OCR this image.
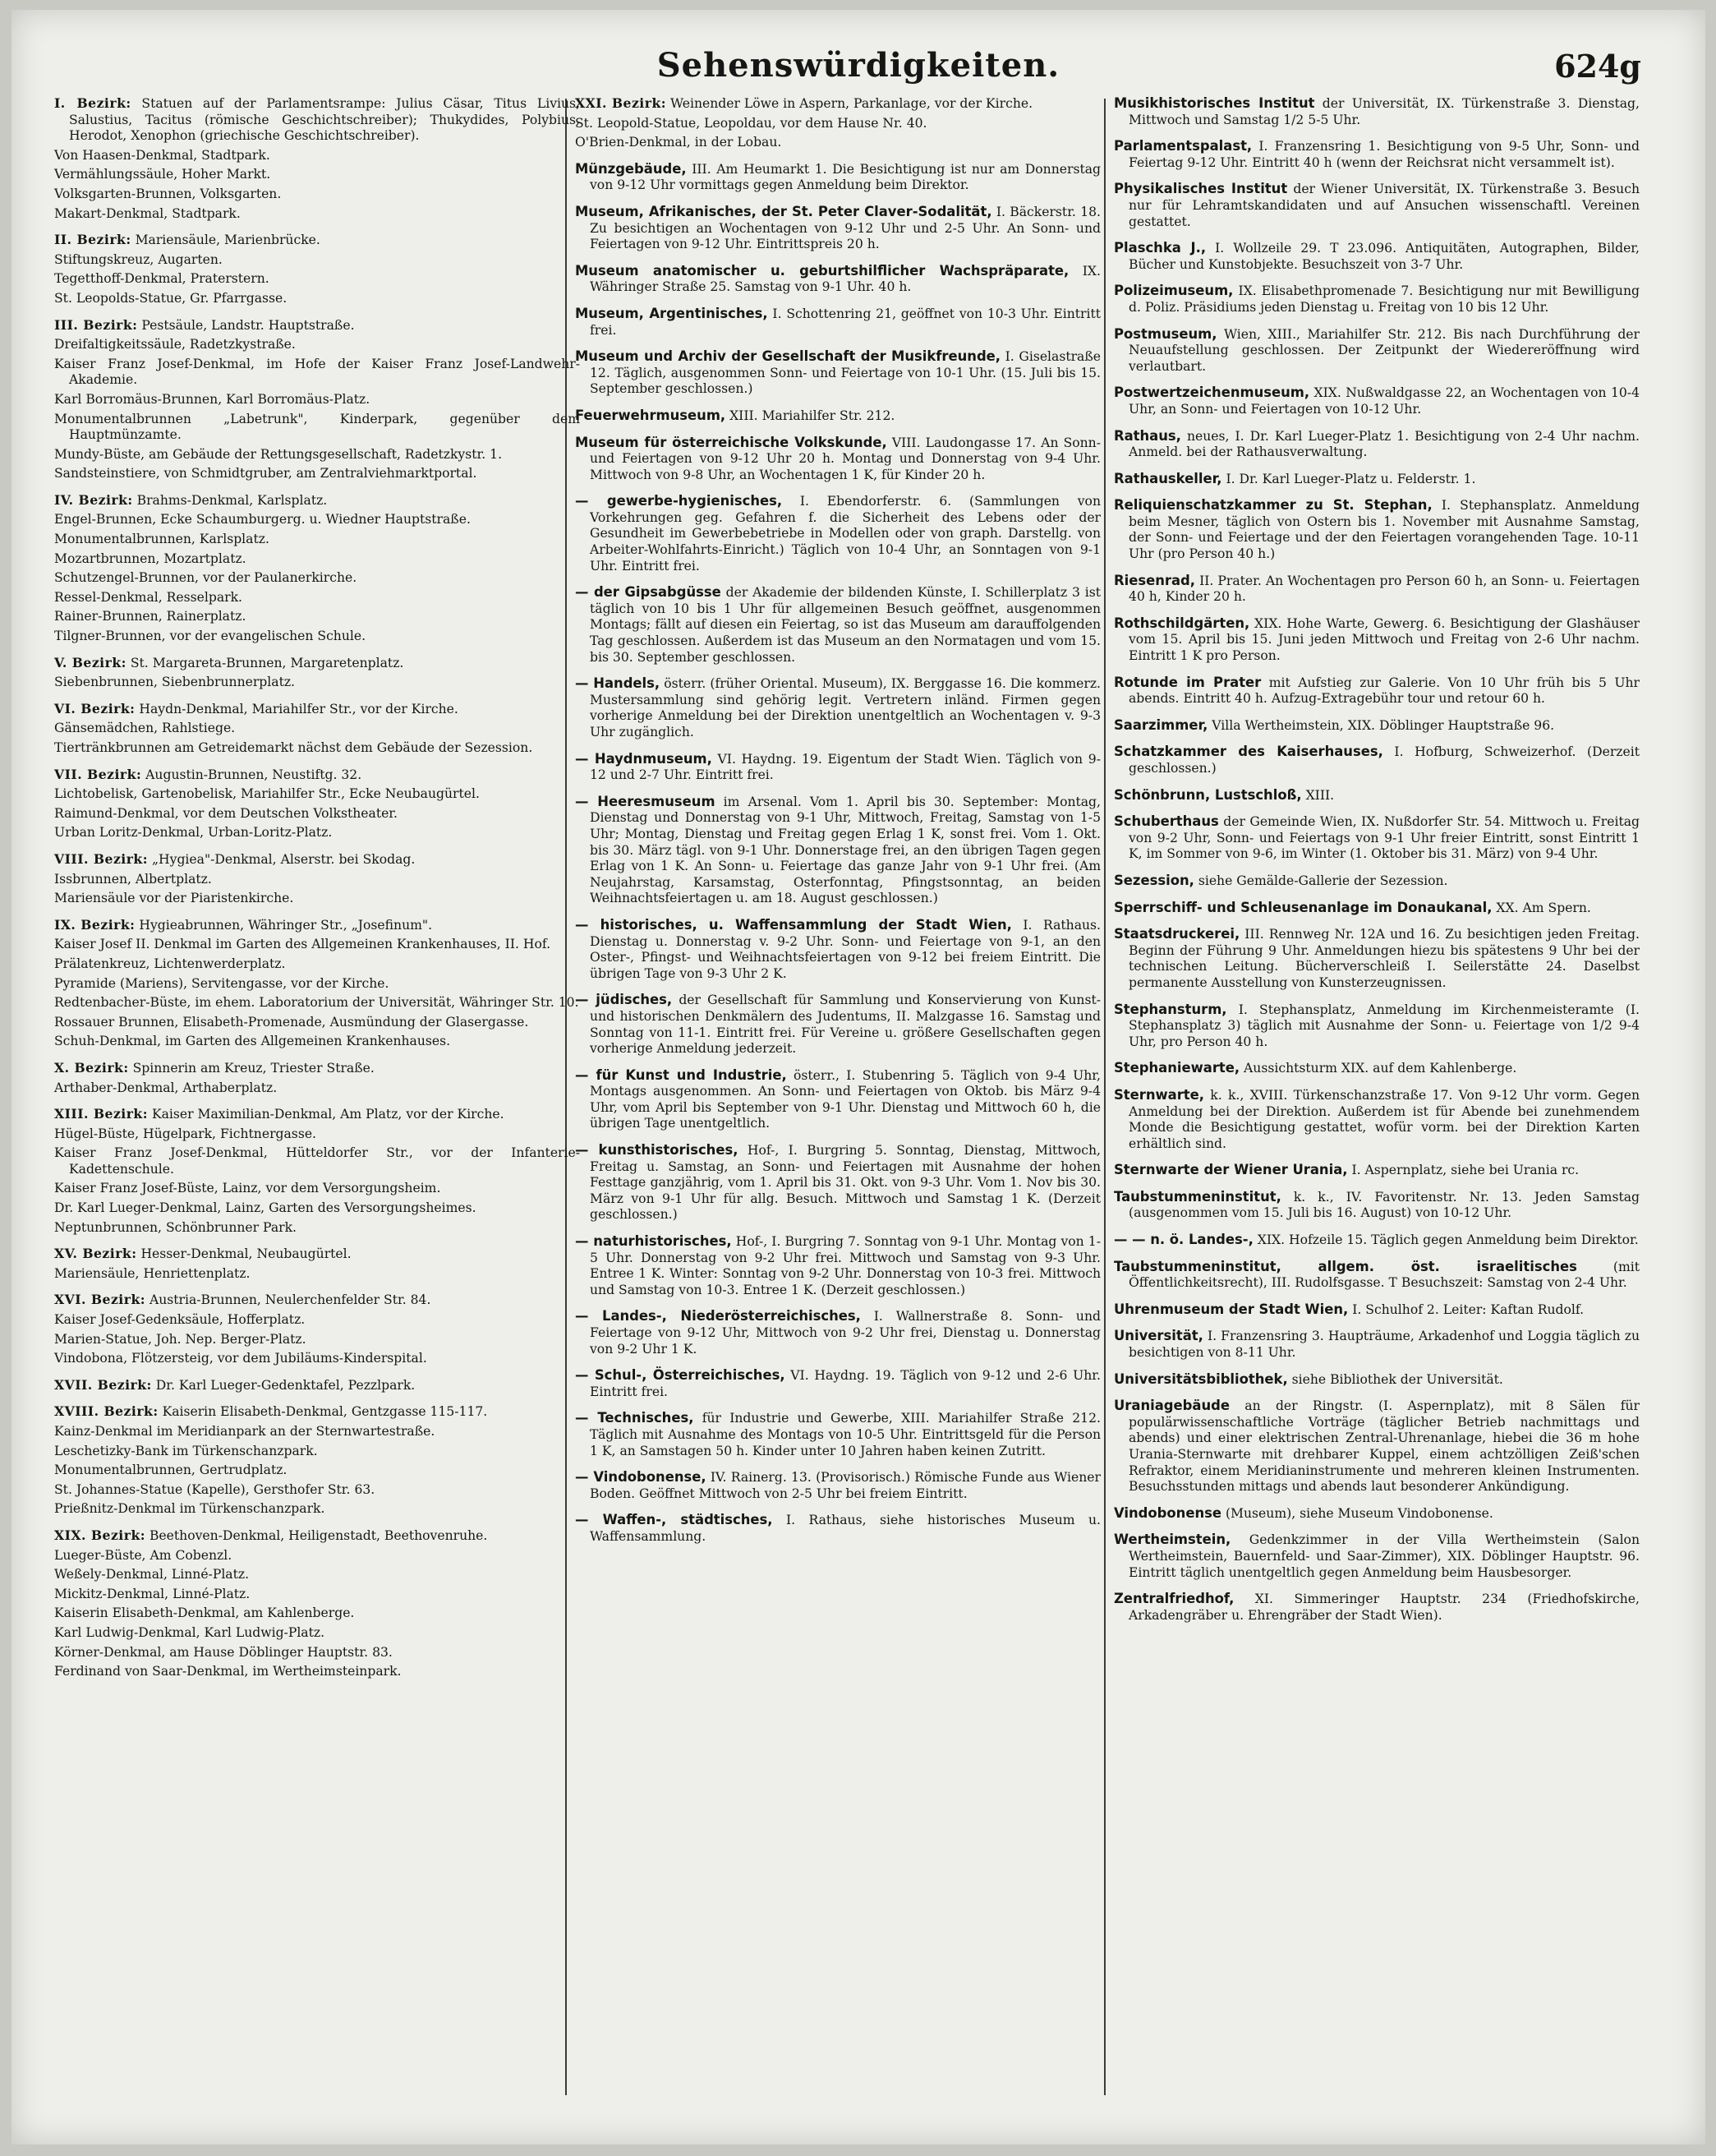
Sehenswürdigkeiten.	624g
I. Bezirk: Statuen auf der Parlamentsrampe: Julius Cäsar, Titus Livius, Salustius, Tacitus (römische Geschichtschreiber); Thukydides, Polybius, Herodot, Xenophon (griechische Geschichtschreiber).
Von Haasen-Denkmal, Stadtpark.
Vermählungssäule, Hoher Markt.
Volksgarten-Brunnen, Volksgarten.
Makart-Denkmal, Stadtpark.
II. Bezirk: Mariensäule, Marienbrücke.
Stiftungskreuz, Augarten.
Tegetthoff-Denkmal, Praterstern.
St. Leopolds-Statue, Gr. Pfarrgasse.
III. Bezirk: Pestsäule, Landstr. Hauptstraße.
Dreifaltigkeitssäule, Radetzkystraße.
Kaiser Franz Josef-Denkmal, im Hofe der Kaiser Franz Josef-Landwehr-Akademie.
Karl Borromäus-Brunnen, Karl Borromäus-Platz.
Monumentalbrunnen „Labetrunk", Kinderpark, gegenüber dem Hauptmünzamte.
Mundy-Büste, am Gebäude der Rettungsgesellschaft, Radetzkystr. 1.
Sandsteinstiere, von Schmidtgruber, am Zentralviehmarktportal.
IV. Bezirk: Brahms-Denkmal, Karlsplatz.
Engel-Brunnen, Ecke Schaumburgerg. u. Wiedner Hauptstraße.
Monumentalbrunnen, Karlsplatz.
Mozartbrunnen, Mozartplatz.
Schutzengel-Brunnen, vor der Paulanerkirche.
Ressel-Denkmal, Resselpark.
Rainer-Brunnen, Rainerplatz.
Tilgner-Brunnen, vor der evangelischen Schule.
V. Bezirk: St. Margareta-Brunnen, Margaretenplatz.
Siebenbrunnen, Siebenbrunnerplatz.
VI. Bezirk: Haydn-Denkmal, Mariahilfer Str., vor der Kirche.
Gänsemädchen, Rahlstiege.
Tiertränkbrunnen am Getreidemarkt nächst dem Gebäude der Sezession.
VII. Bezirk: Augustin-Brunnen, Neustiftg. 32.
Lichtobelisk, Gartenobelisk, Mariahilfer Str., Ecke Neubaugürtel.
Raimund-Denkmal, vor dem Deutschen Volkstheater.
Urban Loritz-Denkmal, Urban-Loritz-Platz.
VIII. Bezirk: „Hygiea"-Denkmal, Alserstr. bei Skodag.
Issbrunnen, Albertplatz.
Mariensäule vor der Piaristenkirche.
IX. Bezirk: Hygieabrunnen, Währinger Str., „Josefinum".
Kaiser Josef II. Denkmal im Garten des Allgemeinen Krankenhauses, II. Hof.
Prälatenkreuz, Lichtenwerderplatz.
Pyramide (Mariens), Servitengasse, vor der Kirche.
Redtenbacher-Büste, im ehem. Laboratorium der Universität, Währinger Str. 10.
Rossauer Brunnen, Elisabeth-Promenade, Ausmündung der Glasergasse.
Schuh-Denkmal, im Garten des Allgemeinen Krankenhauses.
X. Bezirk: Spinnerin am Kreuz, Triester Straße.
Arthaber-Denkmal, Arthaberplatz.
XIII. Bezirk: Kaiser Maximilian-Denkmal, Am Platz, vor der Kirche.
Hügel-Büste, Hügelpark, Fichtnergasse.
Kaiser Franz Josef-Denkmal, Hütteldorfer Str., vor der Infanterie-Kadettenschule.
Kaiser Franz Josef-Büste, Lainz, vor dem Versorgungsheim.
Dr. Karl Lueger-Denkmal, Lainz, Garten des Versorgungsheimes.
Neptunbrunnen, Schönbrunner Park.
XV. Bezirk: Hesser-Denkmal, Neubaugürtel.
Mariensäule, Henriettenplatz.
XVI. Bezirk: Austria-Brunnen, Neulerchenfelder Str. 84.
Kaiser Josef-Gedenksäule, Hofferplatz.
Marien-Statue, Joh. Nep. Berger-Platz.
Vindobona, Flötzersteig, vor dem Jubiläums-Kinderspital.
XVII. Bezirk: Dr. Karl Lueger-Gedenktafel, Pezzlpark.
XVIII. Bezirk: Kaiserin Elisabeth-Denkmal, Gentzgasse 115-117.
Kainz-Denkmal im Meridianpark an der Sternwartestraße.
Leschetizky-Bank im Türkenschanzpark.
Monumentalbrunnen, Gertrudplatz.
St. Johannes-Statue (Kapelle), Gersthofer Str. 63.
Prießnitz-Denkmal im Türkenschanzpark.
XIX. Bezirk: Beethoven-Denkmal, Heiligenstadt, Beethovenruhe.
Lueger-Büste, Am Cobenzl.
Weßely-Denkmal, Linné-Platz.
Mickitz-Denkmal, Linné-Platz.
Kaiserin Elisabeth-Denkmal, am Kahlenberge.
Karl Ludwig-Denkmal, Karl Ludwig-Platz.
Körner-Denkmal, am Hause Döblinger Hauptstr. 83.
Ferdinand von Saar-Denkmal, im Wertheimsteinpark.
XXI. Bezirk: Weinender Löwe in Aspern, Parkanlage, vor der Kirche.
St. Leopold-Statue, Leopoldau, vor dem Hause Nr. 40.
O'Brien-Denkmal, in der Lobau.
Münzgebäude, III. Am Heumarkt 1. Die Besichtigung ist nur am Donnerstag von 9-12 Uhr vormittags gegen Anmeldung beim Direktor.
Museum, Afrikanisches, der St. Peter Claver-Sodalität, I. Bäckerstr. 18. Zu besichtigen an Wochentagen von 9-12 Uhr und 2-5 Uhr. An Sonn- und Feiertagen von 9-12 Uhr. Eintrittspreis 20 h.
Museum anatomischer u. geburtshilflicher Wachspräparate, IX. Währinger Straße 25. Samstag von 9-1 Uhr. 40 h.
Museum, Argentinisches, I. Schottenring 21, geöffnet von 10-3 Uhr. Eintritt frei.
Museum und Archiv der Gesellschaft der Musikfreunde, I. Giselastraße 12. Täglich, ausgenommen Sonn- und Feiertage von 10-1 Uhr. (15. Juli bis 15. September geschlossen.)
Feuerwehrmuseum, XIII. Mariahilfer Str. 212.
Museum für österreichische Volkskunde, VIII. Laudongasse 17. An Sonn- und Feiertagen von 9-12 Uhr 20 h. Montag und Donnerstag von 9-4 Uhr. Mittwoch von 9-8 Uhr, an Wochentagen 1 K, für Kinder 20 h.
— gewerbe-hygienisches, I. Ebendorferstr. 6. (Sammlungen von Vorkehrungen geg. Gefahren f. die Sicherheit des Lebens oder der Gesundheit im Gewerbebetriebe in Modellen oder von graph. Darstellg. von Arbeiter-Wohlfahrts-Einricht.) Täglich von 10-4 Uhr, an Sonntagen von 9-1 Uhr. Eintritt frei.
— der Gipsabgüsse der Akademie der bildenden Künste, I. Schillerplatz 3 ist täglich von 10 bis 1 Uhr für allgemeinen Besuch geöffnet, ausgenommen Montags; fällt auf diesen ein Feiertag, so ist das Museum am darauffolgenden Tag geschlossen. Außerdem ist das Museum an den Normatagen und vom 15. bis 30. September geschlossen.
— Handels, österr. (früher Oriental. Museum), IX. Berggasse 16. Die kommerz. Mustersammlung sind gehörig legit. Vertretern inländ. Firmen gegen vorherige Anmeldung bei der Direktion unentgeltlich an Wochentagen v. 9-3 Uhr zugänglich.
— Haydnmuseum, VI. Haydng. 19. Eigentum der Stadt Wien. Täglich von 9-12 und 2-7 Uhr. Eintritt frei.
— Heeresmuseum im Arsenal. Vom 1. April bis 30. September: Montag, Dienstag und Donnerstag von 9-1 Uhr, Mittwoch, Freitag, Samstag von 1-5 Uhr; Montag, Dienstag und Freitag gegen Erlag 1 K, sonst frei. Vom 1. Okt. bis 30. März tägl. von 9-1 Uhr. Donnerstage frei, an den übrigen Tagen gegen Erlag von 1 K. An Sonn- u. Feiertage das ganze Jahr von 9-1 Uhr frei. (Am Neujahrstag, Karsamstag, Osterfonntag, Pfingstsonntag, an beiden Weihnachtsfeiertagen u. am 18. August geschlossen.)
— historisches, u. Waffensammlung der Stadt Wien, I. Rathaus. Dienstag u. Donnerstag v. 9-2 Uhr. Sonn- und Feiertage von 9-1, an den Oster-, Pfingst- und Weihnachtsfeiertagen von 9-12 bei freiem Eintritt. Die übrigen Tage von 9-3 Uhr 2 K.
— jüdisches, der Gesellschaft für Sammlung und Konservierung von Kunst- und historischen Denkmälern des Judentums, II. Malzgasse 16. Samstag und Sonntag von 11-1. Eintritt frei. Für Vereine u. größere Gesellschaften gegen vorherige Anmeldung jederzeit.
— für Kunst und Industrie, österr., I. Stubenring 5. Täglich von 9-4 Uhr, Montags ausgenommen. An Sonn- und Feiertagen von Oktob. bis März 9-4 Uhr, vom April bis September von 9-1 Uhr. Dienstag und Mittwoch 60 h, die übrigen Tage unentgeltlich.
— kunsthistorisches, Hof-, I. Burgring 5. Sonntag, Dienstag, Mittwoch, Freitag u. Samstag, an Sonn- und Feiertagen mit Ausnahme der hohen Festtage ganzjährig, vom 1. April bis 31. Okt. von 9-3 Uhr. Vom 1. Nov bis 30. März von 9-1 Uhr für allg. Besuch. Mittwoch und Samstag 1 K. (Derzeit geschlossen.)
— naturhistorisches, Hof-, I. Burgring 7. Sonntag von 9-1 Uhr. Montag von 1-5 Uhr. Donnerstag von 9-2 Uhr frei. Mittwoch und Samstag von 9-3 Uhr. Entree 1 K. Winter: Sonntag von 9-2 Uhr. Donnerstag von 10-3 frei. Mittwoch und Samstag von 10-3. Entree 1 K. (Derzeit geschlossen.)
— Landes-, Niederösterreichisches, I. Wallnerstraße 8. Sonn- und Feiertage von 9-12 Uhr, Mittwoch von 9-2 Uhr frei, Dienstag u. Donnerstag von 9-2 Uhr 1 K.
— Schul-, Österreichisches, VI. Haydng. 19. Täglich von 9-12 und 2-6 Uhr. Eintritt frei.
— Technisches, für Industrie und Gewerbe, XIII. Mariahilfer Straße 212. Täglich mit Ausnahme des Montags von 10-5 Uhr. Eintrittsgeld für die Person 1 K, an Samstagen 50 h. Kinder unter 10 Jahren haben keinen Zutritt.
— Vindobonense, IV. Rainerg. 13. (Provisorisch.) Römische Funde aus Wiener Boden. Geöffnet Mittwoch von 2-5 Uhr bei freiem Eintritt.
— Waffen-, städtisches, I. Rathaus, siehe historisches Museum u. Waffensammlung.
Musikhistorisches Institut der Universität, IX. Türkenstraße 3. Dienstag, Mittwoch und Samstag 1/2 5-5 Uhr.
Parlamentspalast, I. Franzensring 1. Besichtigung von 9-5 Uhr, Sonn- und Feiertag 9-12 Uhr. Eintritt 40 h (wenn der Reichsrat nicht versammelt ist).
Physikalisches Institut der Wiener Universität, IX. Türkenstraße 3. Besuch nur für Lehramtskandidaten und auf Ansuchen wissenschaftl. Vereinen gestattet.
Plaschka J., I. Wollzeile 29. T 23.096. Antiquitäten, Autographen, Bilder, Bücher und Kunstobjekte. Besuchszeit von 3-7 Uhr.
Polizeimuseum, IX. Elisabethpromenade 7. Besichtigung nur mit Bewilligung d. Poliz. Präsidiums jeden Dienstag u. Freitag von 10 bis 12 Uhr.
Postmuseum, Wien, XIII., Mariahilfer Str. 212. Bis nach Durchführung der Neuaufstellung geschlossen. Der Zeitpunkt der Wiedereröffnung wird verlautbart.
Postwertzeichenmuseum, XIX. Nußwaldgasse 22, an Wochentagen von 10-4 Uhr, an Sonn- und Feiertagen von 10-12 Uhr.
Rathaus, neues, I. Dr. Karl Lueger-Platz 1. Besichtigung von 2-4 Uhr nachm. Anmeld. bei der Rathausverwaltung.
Rathauskeller, I. Dr. Karl Lueger-Platz u. Felderstr. 1.
Reliquienschatzkammer zu St. Stephan, I. Stephansplatz. Anmeldung beim Mesner, täglich von Ostern bis 1. November mit Ausnahme Samstag, der Sonn- und Feiertage und der den Feiertagen vorangehenden Tage. 10-11 Uhr (pro Person 40 h.)
Riesenrad, II. Prater. An Wochentagen pro Person 60 h, an Sonn- u. Feiertagen 40 h, Kinder 20 h.
Rothschildgärten, XIX. Hohe Warte, Gewerg. 6. Besichtigung der Glashäuser vom 15. April bis 15. Juni jeden Mittwoch und Freitag von 2-6 Uhr nachm. Eintritt 1 K pro Person.
Rotunde im Prater mit Aufstieg zur Galerie. Von 10 Uhr früh bis 5 Uhr abends. Eintritt 40 h. Aufzug-Extragebühr tour und retour 60 h.
Saarzimmer, Villa Wertheimstein, XIX. Döblinger Hauptstraße 96.
Schatzkammer des Kaiserhauses, I. Hofburg, Schweizerhof. (Derzeit geschlossen.)
Schönbrunn, Lustschloß, XIII.
Schuberthaus der Gemeinde Wien, IX. Nußdorfer Str. 54. Mittwoch u. Freitag von 9-2 Uhr, Sonn- und Feiertags von 9-1 Uhr freier Eintritt, sonst Eintritt 1 K, im Sommer von 9-6, im Winter (1. Oktober bis 31. März) von 9-4 Uhr.
Sezession, siehe Gemälde-Gallerie der Sezession.
Sperrschiff- und Schleusenanlage im Donaukanal, XX. Am Spern.
Staatsdruckerei, III. Rennweg Nr. 12A und 16. Zu besichtigen jeden Freitag. Beginn der Führung 9 Uhr. Anmeldungen hiezu bis spätestens 9 Uhr bei der technischen Leitung. Bücherverschleiß I. Seilerstätte 24. Daselbst permanente Ausstellung von Kunsterzeugnissen.
Stephansturm, I. Stephansplatz, Anmeldung im Kirchenmeisteramte (I. Stephansplatz 3) täglich mit Ausnahme der Sonn- u. Feiertage von 1/2 9-4 Uhr, pro Person 40 h.
Stephaniewarte, Aussichtsturm XIX. auf dem Kahlenberge.
Sternwarte, k. k., XVIII. Türkenschanzstraße 17. Von 9-12 Uhr vorm. Gegen Anmeldung bei der Direktion. Außerdem ist für Abende bei zunehmendem Monde die Besichtigung gestattet, wofür vorm. bei der Direktion Karten erhältlich sind.
Sternwarte der Wiener Urania, I. Aspernplatz, siehe bei Urania rc.
Taubstummeninstitut, k. k., IV. Favoritenstr. Nr. 13. Jeden Samstag (ausgenommen vom 15. Juli bis 16. August) von 10-12 Uhr.
— — n. ö. Landes-, XIX. Hofzeile 15. Täglich gegen Anmeldung beim Direktor.
Taubstummeninstitut, allgem. öst. israelitisches (mit Öffentlichkeitsrecht), III. Rudolfsgasse. T Besuchszeit: Samstag von 2-4 Uhr.
Uhrenmuseum der Stadt Wien, I. Schulhof 2. Leiter: Kaftan Rudolf.
Universität, I. Franzensring 3. Haupträume, Arkadenhof und Loggia täglich zu besichtigen von 8-11 Uhr.
Universitätsbibliothek, siehe Bibliothek der Universität.
Uraniagebäude an der Ringstr. (I. Aspernplatz), mit 8 Sälen für populärwissenschaftliche Vorträge (täglicher Betrieb nachmittags und abends) und einer elektrischen Zentral-Uhrenanlage, hiebei die 36 m hohe Urania-Sternwarte mit drehbarer Kuppel, einem achtzölligen Zeiß'schen Refraktor, einem Meridianinstrumente und mehreren kleinen Instrumenten. Besuchsstunden mittags und abends laut besonderer Ankündigung.
Vindobonense (Museum), siehe Museum Vindobonense.
Wertheimstein, Gedenkzimmer in der Villa Wertheimstein (Salon Wertheimstein, Bauernfeld- und Saar-Zimmer), XIX. Döblinger Hauptstr. 96. Eintritt täglich unentgeltlich gegen Anmeldung beim Hausbesorger.
Zentralfriedhof, XI. Simmeringer Hauptstr. 234 (Friedhofskirche, Arkadengräber u. Ehrengräber der Stadt Wien).
